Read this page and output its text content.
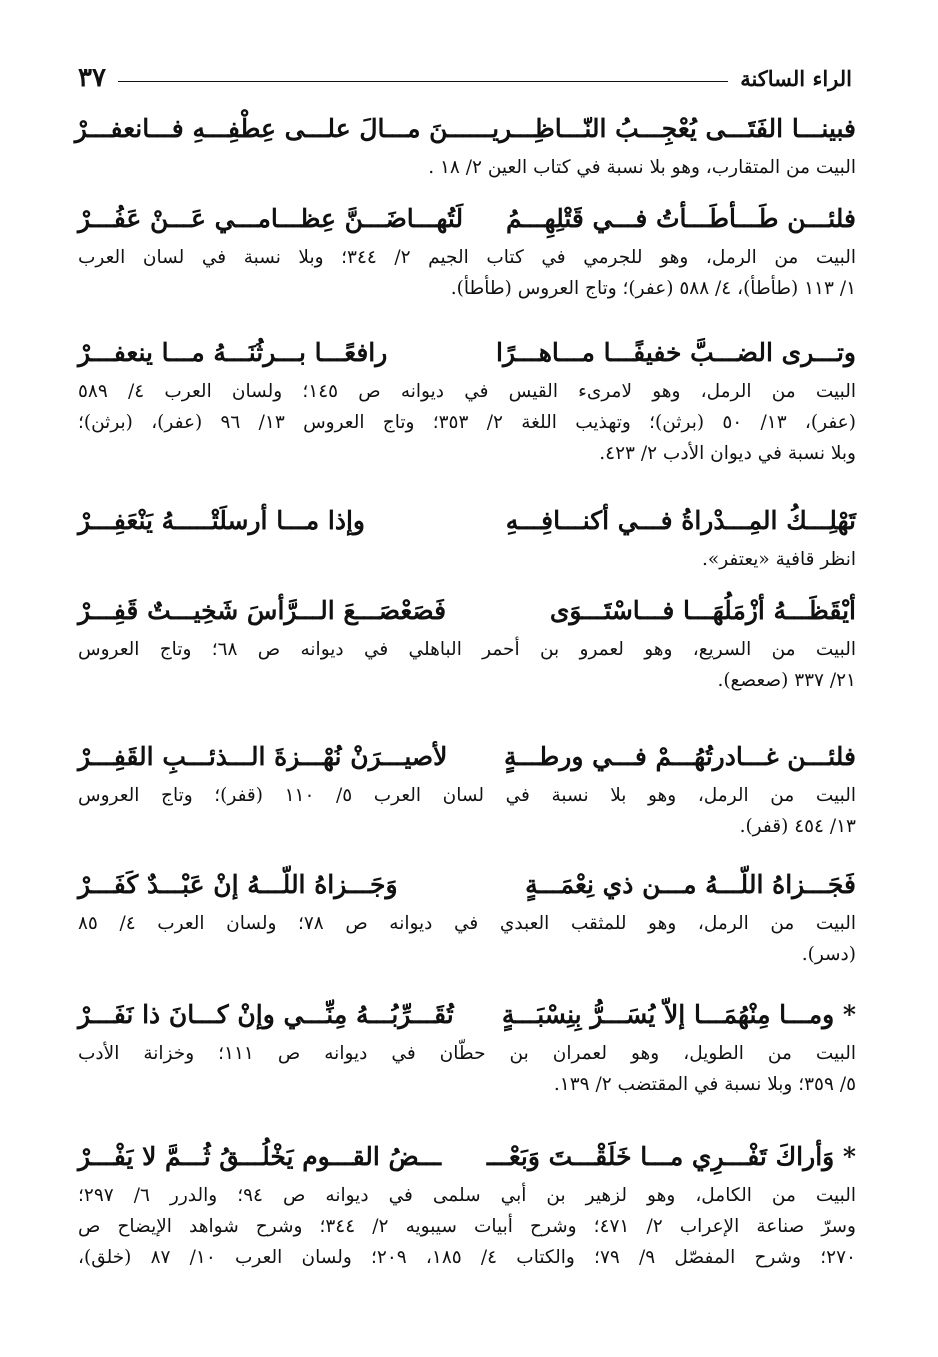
الراء الساكنة
٣٧
فبينـــا الفَتَـــى يُعْجِـــبُ النّـــاظِـــريـــ
ـــنَ مـــالَ علـــى عِطْفِـــهِ فـــانعفـــرْ
البيت من المتقارب، وهو بلا نسبة في كتاب العين ٢/ ١٨ .
فلئـــن طَـــأطَـــأتُ فـــي قَتْلِهِـــمُ
لَتُهـــاضَـــنَّ عِظـــامـــي عَـــنْ عَفُـــرْ
البيت من الرمل، وهو للجرمي في كتاب الجيم ٢/ ٣٤٤؛ وبلا نسبة في لسان العرب
١/ ١١٣ (طأطأ)، ٤/ ٥٨٨ (عفر)؛ وتاج العروس (طأطأ).
وتـــرى الضـــبَّ خفيفًـــا مـــاهـــرًا
رافعًـــا بـــرثُنَـــهُ مـــا ينعفـــرْ
البيت من الرمل، وهو لامرىء القيس في ديوانه ص ١٤٥؛ ولسان العرب ٤/ ٥٨٩
(عفر)، ١٣/ ٥٠ (برثن)؛ وتهذيب اللغة ٢/ ٣٥٣؛ وتاج العروس ١٣/ ٩٦ (عفر)، (برثن)؛
وبلا نسبة في ديوان الأدب ٢/ ٤٢٣.
تَهْلِـــكُ المِـــدْراةُ فـــي أكنـــافِـــهِ
وإذا مـــا أرسلَتْـــــهُ يَنْعَفِـــرْ
انظر قافية «يعتفر».
أيْقَظَـــهُ أزْمَلُهَـــا فـــاسْتَـــوَى
فَصَعْصَـــعَ الـــرَّأسَ شَخِيـــتٌ قَفِـــرْ
البيت من السريع، وهو لعمرو بن أحمر الباهلي في ديوانه ص ٦٨؛ وتاج العروس
٢١/ ٣٣٧ (صعصع).
فلئـــن غـــادرتُهُـــمْ فـــي ورطـــةٍ
لأصيـــرَنْ نُهْـــزةَ الـــذئـــبِ القَفِـــرْ
البيت من الرمل، وهو بلا نسبة في لسان العرب ٥/ ١١٠ (قفر)؛ وتاج العروس
١٣/ ٤٥٤ (قفر).
فَجَـــزاهُ اللّـــهُ مـــن ذي نِعْمَـــةٍ
وَجَـــزاهُ اللّـــهُ إنْ عَبْـــدٌ كَفَـــرْ
البيت من الرمل، وهو للمثقب العبدي في ديوانه ص ٧٨؛ ولسان العرب ٤/ ٨٥
(دسر).
* ومـــا مِنْهُمَـــا إلاّ يُسَـــرُّ بِنِسْبَـــةٍ
تُقَـــرِّبُـــهُ مِنِّـــي وإنْ كـــانَ ذا نَفَـــرْ
البيت من الطويل، وهو لعمران بن حطّان في ديوانه ص ١١١؛ وخزانة الأدب
٥/ ٣٥٩؛ وبلا نسبة في المقتضب ٢/ ١٣٩.
* وَأراكَ تَفْـــرِي مـــا خَلَقْـــتَ وَبَعْـــ
ـــضُ القـــوم يَخْلُـــقُ ثُـــمَّ لا يَفْـــرْ
البيت من الكامل، وهو لزهير بن أبي سلمى في ديوانه ص ٩٤؛ والدرر ٦/ ٢٩٧؛
وسرّ صناعة الإعراب ٢/ ٤٧١؛ وشرح أبيات سيبويه ٢/ ٣٤٤؛ وشرح شواهد الإيضاح ص
٢٧٠؛ وشرح المفصّل ٩/ ٧٩؛ والكتاب ٤/ ١٨٥، ٢٠٩؛ ولسان العرب ١٠/ ٨٧ (خلق)،
